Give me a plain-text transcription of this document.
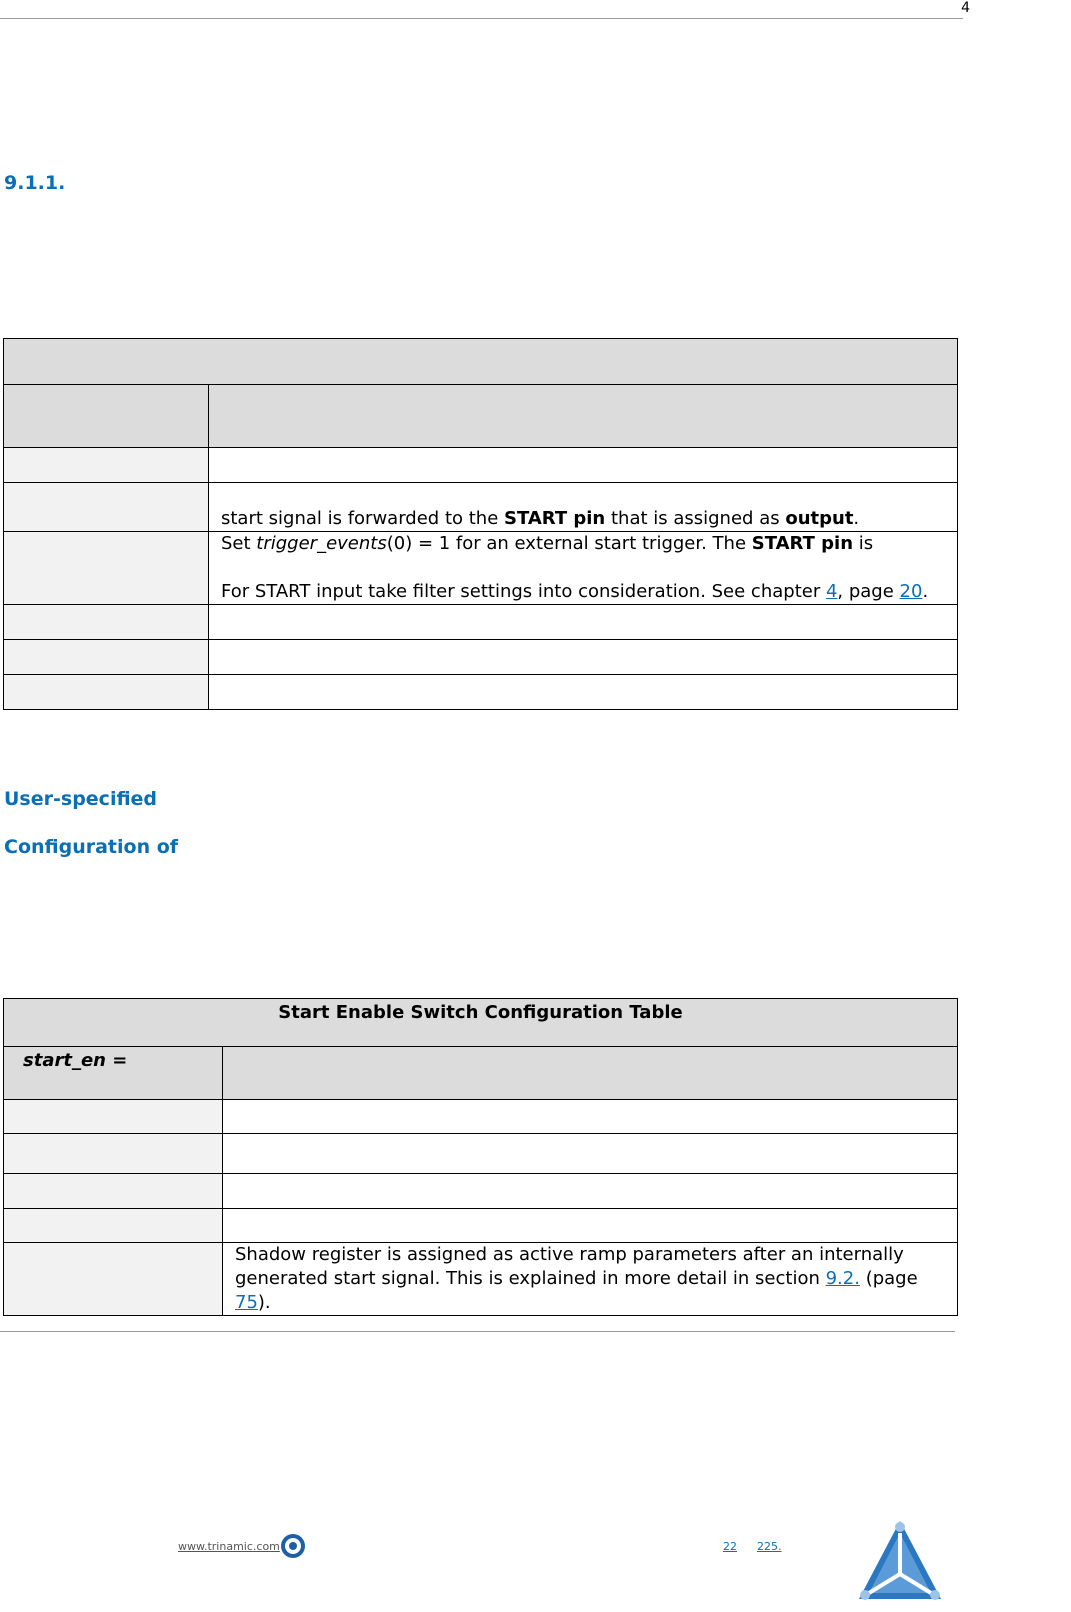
4
9.1.1.

	start signal is forwarded to the START pin that is assigned as output.

	Set trigger_events(0) = 1 for an external start trigger. The START pin is
For START input take filter settings into consideration. See chapter 4, page 20.

User-specified
Configuration of
Start Enable Switch Configuration Table	
start_en =	

	Shadow register is assigned as active ramp parameters after an internally
generated start signal. This is explained in more detail in section 9.2. (page 75).
www.trinamic.com	22 225.
